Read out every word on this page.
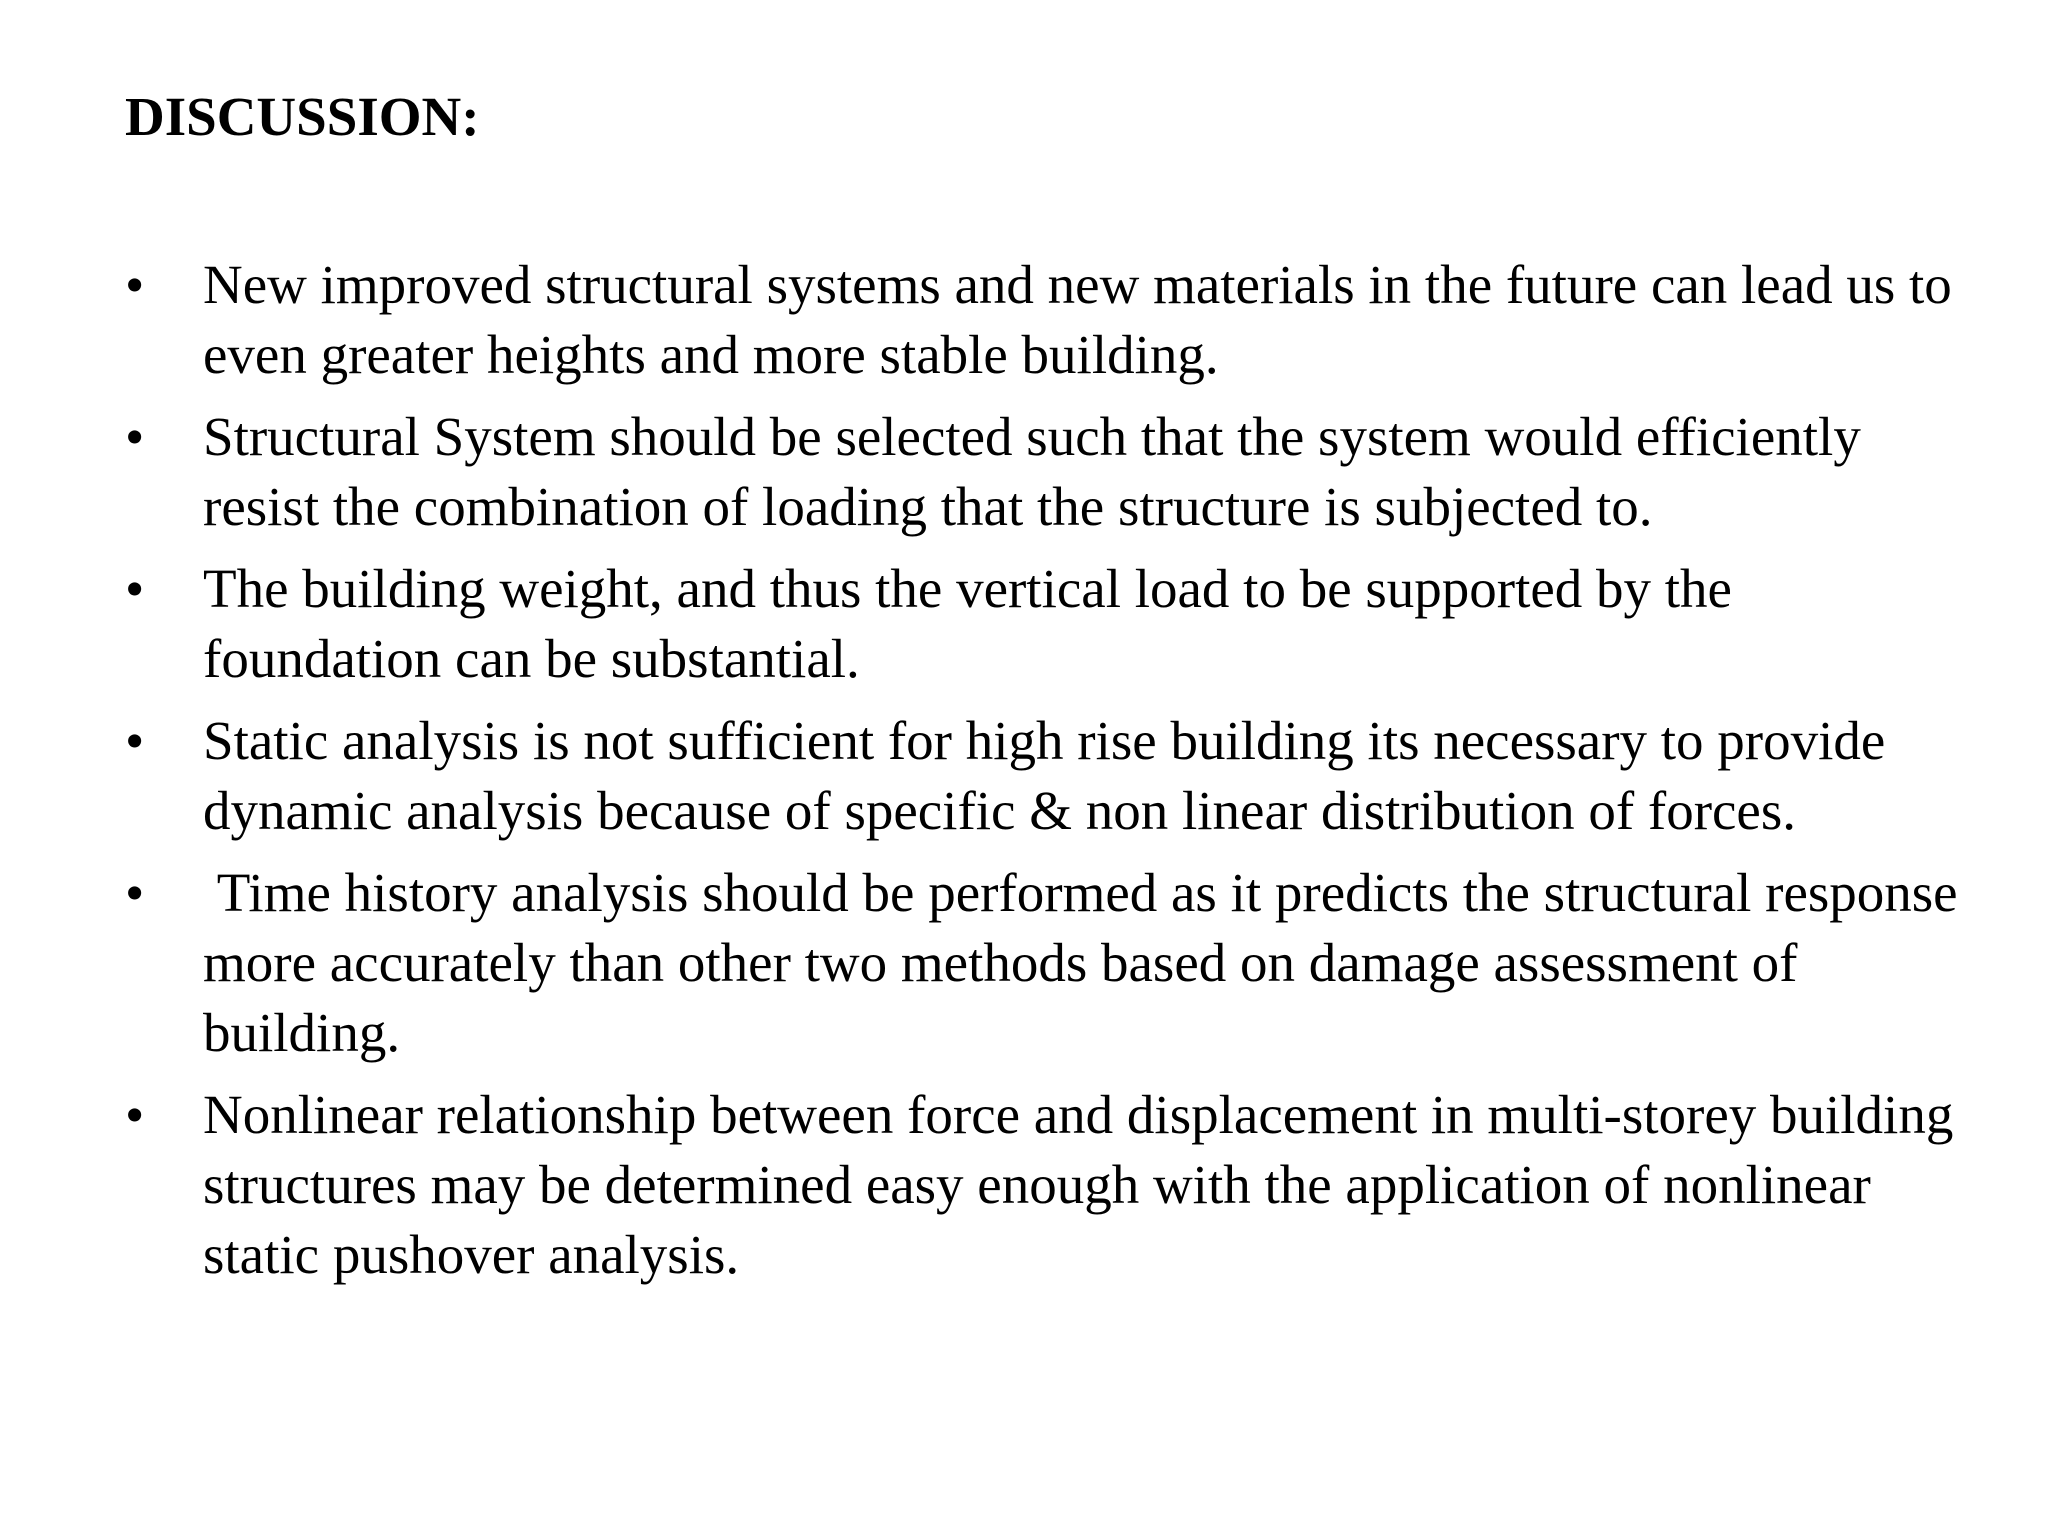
DISCUSSION:
• New improved structural systems and new materials in the future can lead us to even greater heights and more stable building.
• Structural System should be selected such that the system would efficiently resist the combination of loading that the structure is subjected to.
• The building weight, and thus the vertical load to be supported by the foundation can be substantial.
• Static analysis is not sufficient for high rise building its necessary to provide dynamic analysis because of specific & non linear distribution of forces.
• Time history analysis should be performed as it predicts the structural response more accurately than other two methods based on damage assessment of building.
• Nonlinear relationship between force and displacement in multi-storey building structures may be determined easy enough with the application of nonlinear static pushover analysis.
